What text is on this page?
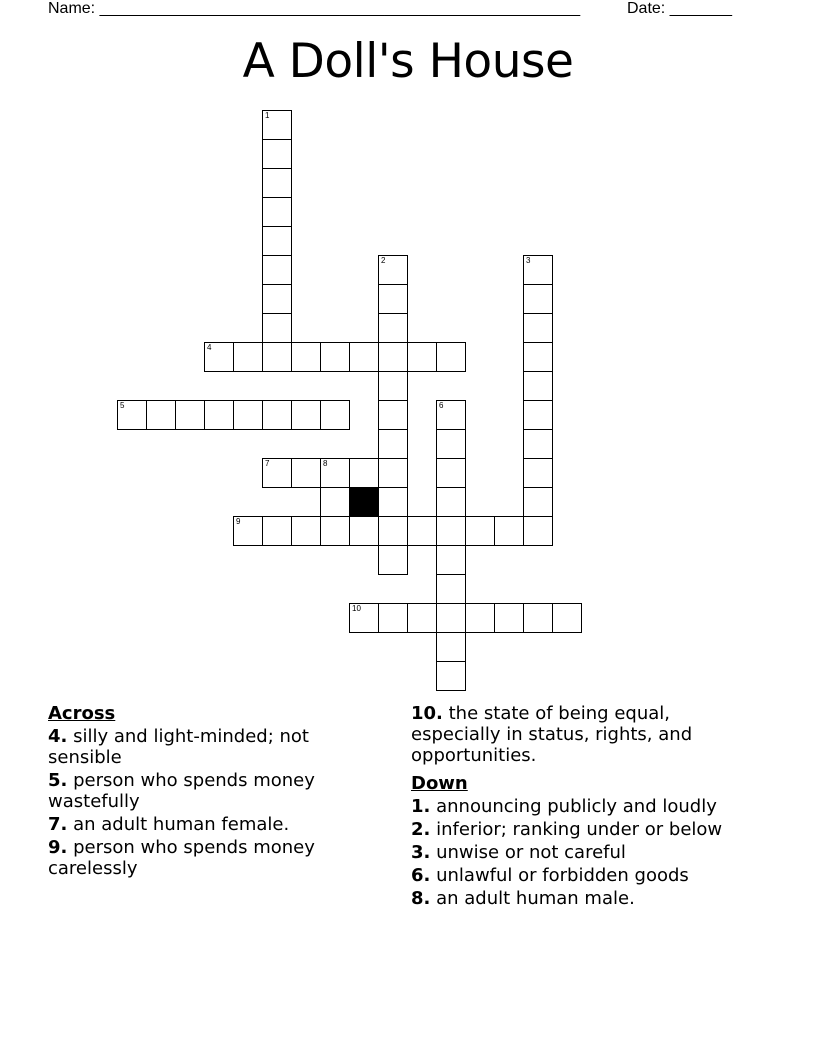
Name: ______________________________________________________	Date: _______
A Doll's House
1
2	3
4
5	6
7	8
9
10
Across
4. silly and light-minded; not sensible
5. person who spends money wastefully
7. an adult human female.
9. person who spends money carelessly
10. the state of being equal, especially in status, rights, and opportunities.
Down
1. announcing publicly and loudly
2. inferior; ranking under or below
3. unwise or not careful
6. unlawful or forbidden goods
8. an adult human male.
